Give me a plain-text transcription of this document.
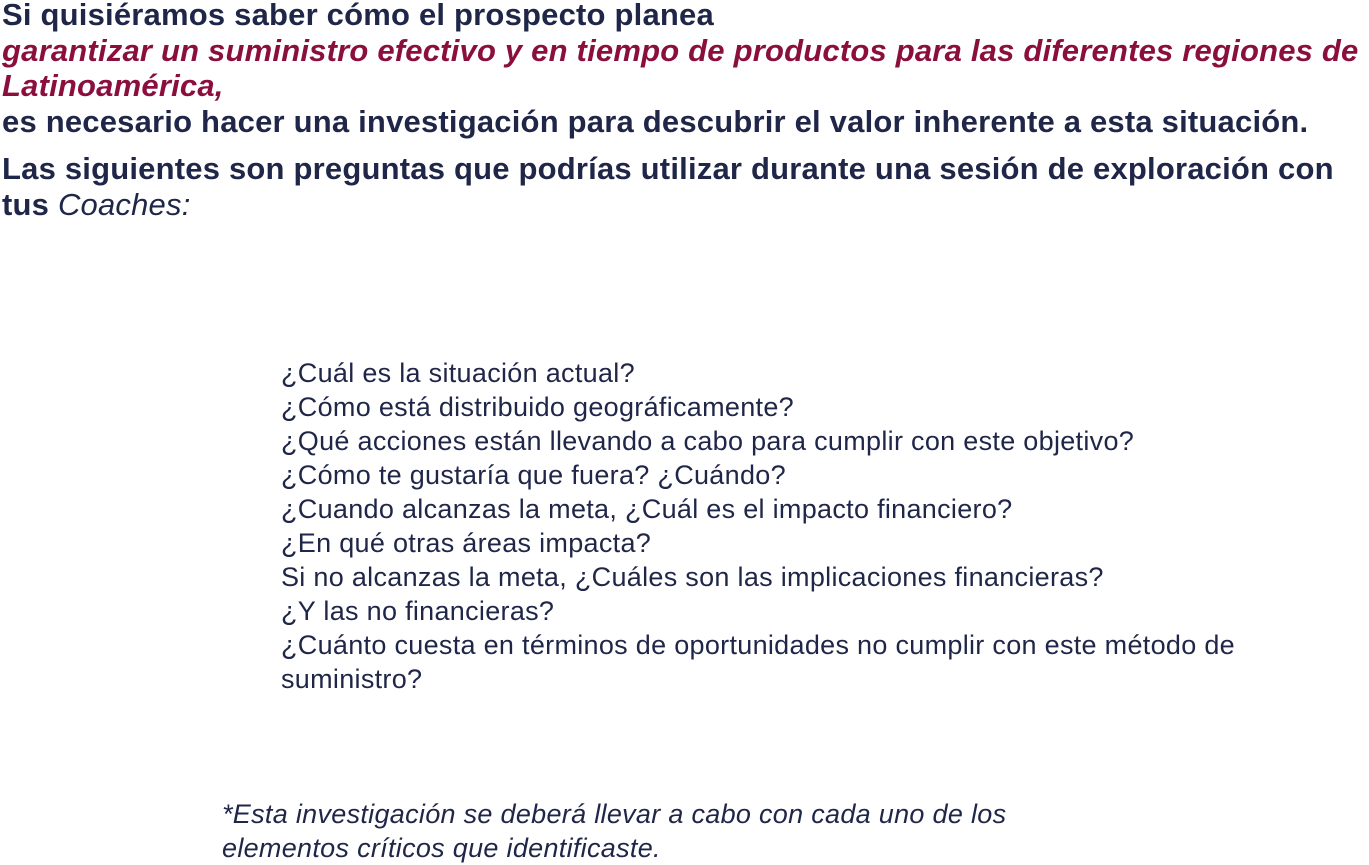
Si quisiéramos saber cómo el prospecto planea
garantizar un suministro efectivo y en tiempo de productos para las diferentes regiones de Latinoamérica,
es necesario hacer una investigación para descubrir el valor inherente a esta situación.

Las siguientes son preguntas que podrías utilizar durante una sesión de exploración con tus Coaches:

¿Cuál es la situación actual?
¿Cómo está distribuido geográficamente?
¿Qué acciones están llevando a cabo para cumplir con este objetivo?
¿Cómo te gustaría que fuera? ¿Cuándo?
¿Cuando alcanzas la meta, ¿Cuál es el impacto financiero?
¿En qué otras áreas impacta?
Si no alcanzas la meta, ¿Cuáles son las implicaciones financieras?
¿Y las no financieras?
¿Cuánto cuesta en términos de oportunidades no cumplir con este método de suministro?

*Esta investigación se deberá llevar a cabo con cada uno de los elementos críticos que identificaste.
